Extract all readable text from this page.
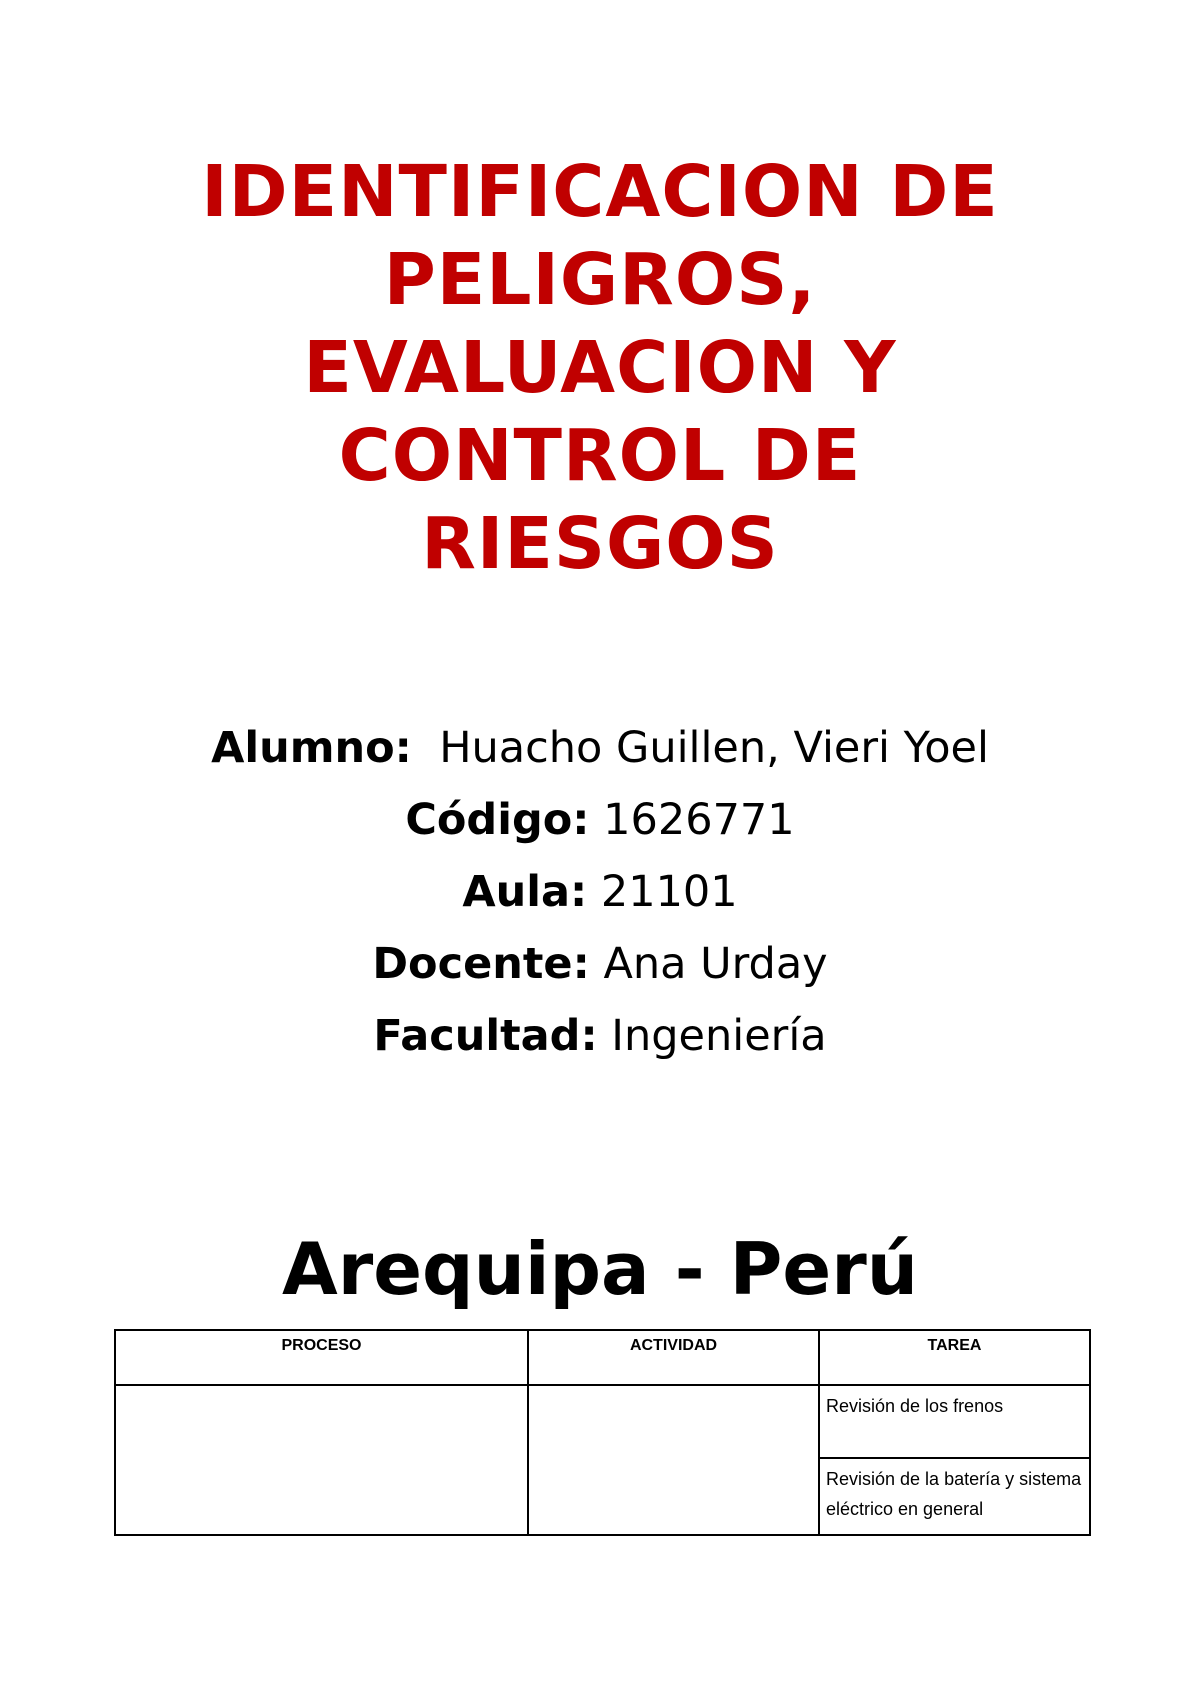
IDENTIFICACION DE
PELIGROS,
EVALUACION Y
CONTROL DE
RIESGOS
Alumno:  Huacho Guillen, Vieri Yoel
Código: 1626771
Aula: 21101
Docente: Ana Urday
Facultad: Ingeniería
Arequipa - Perú
PROCESO	ACTIVIDAD	TAREA
		Revisión de los frenos
		Revisión de la batería y sistema eléctrico en general
